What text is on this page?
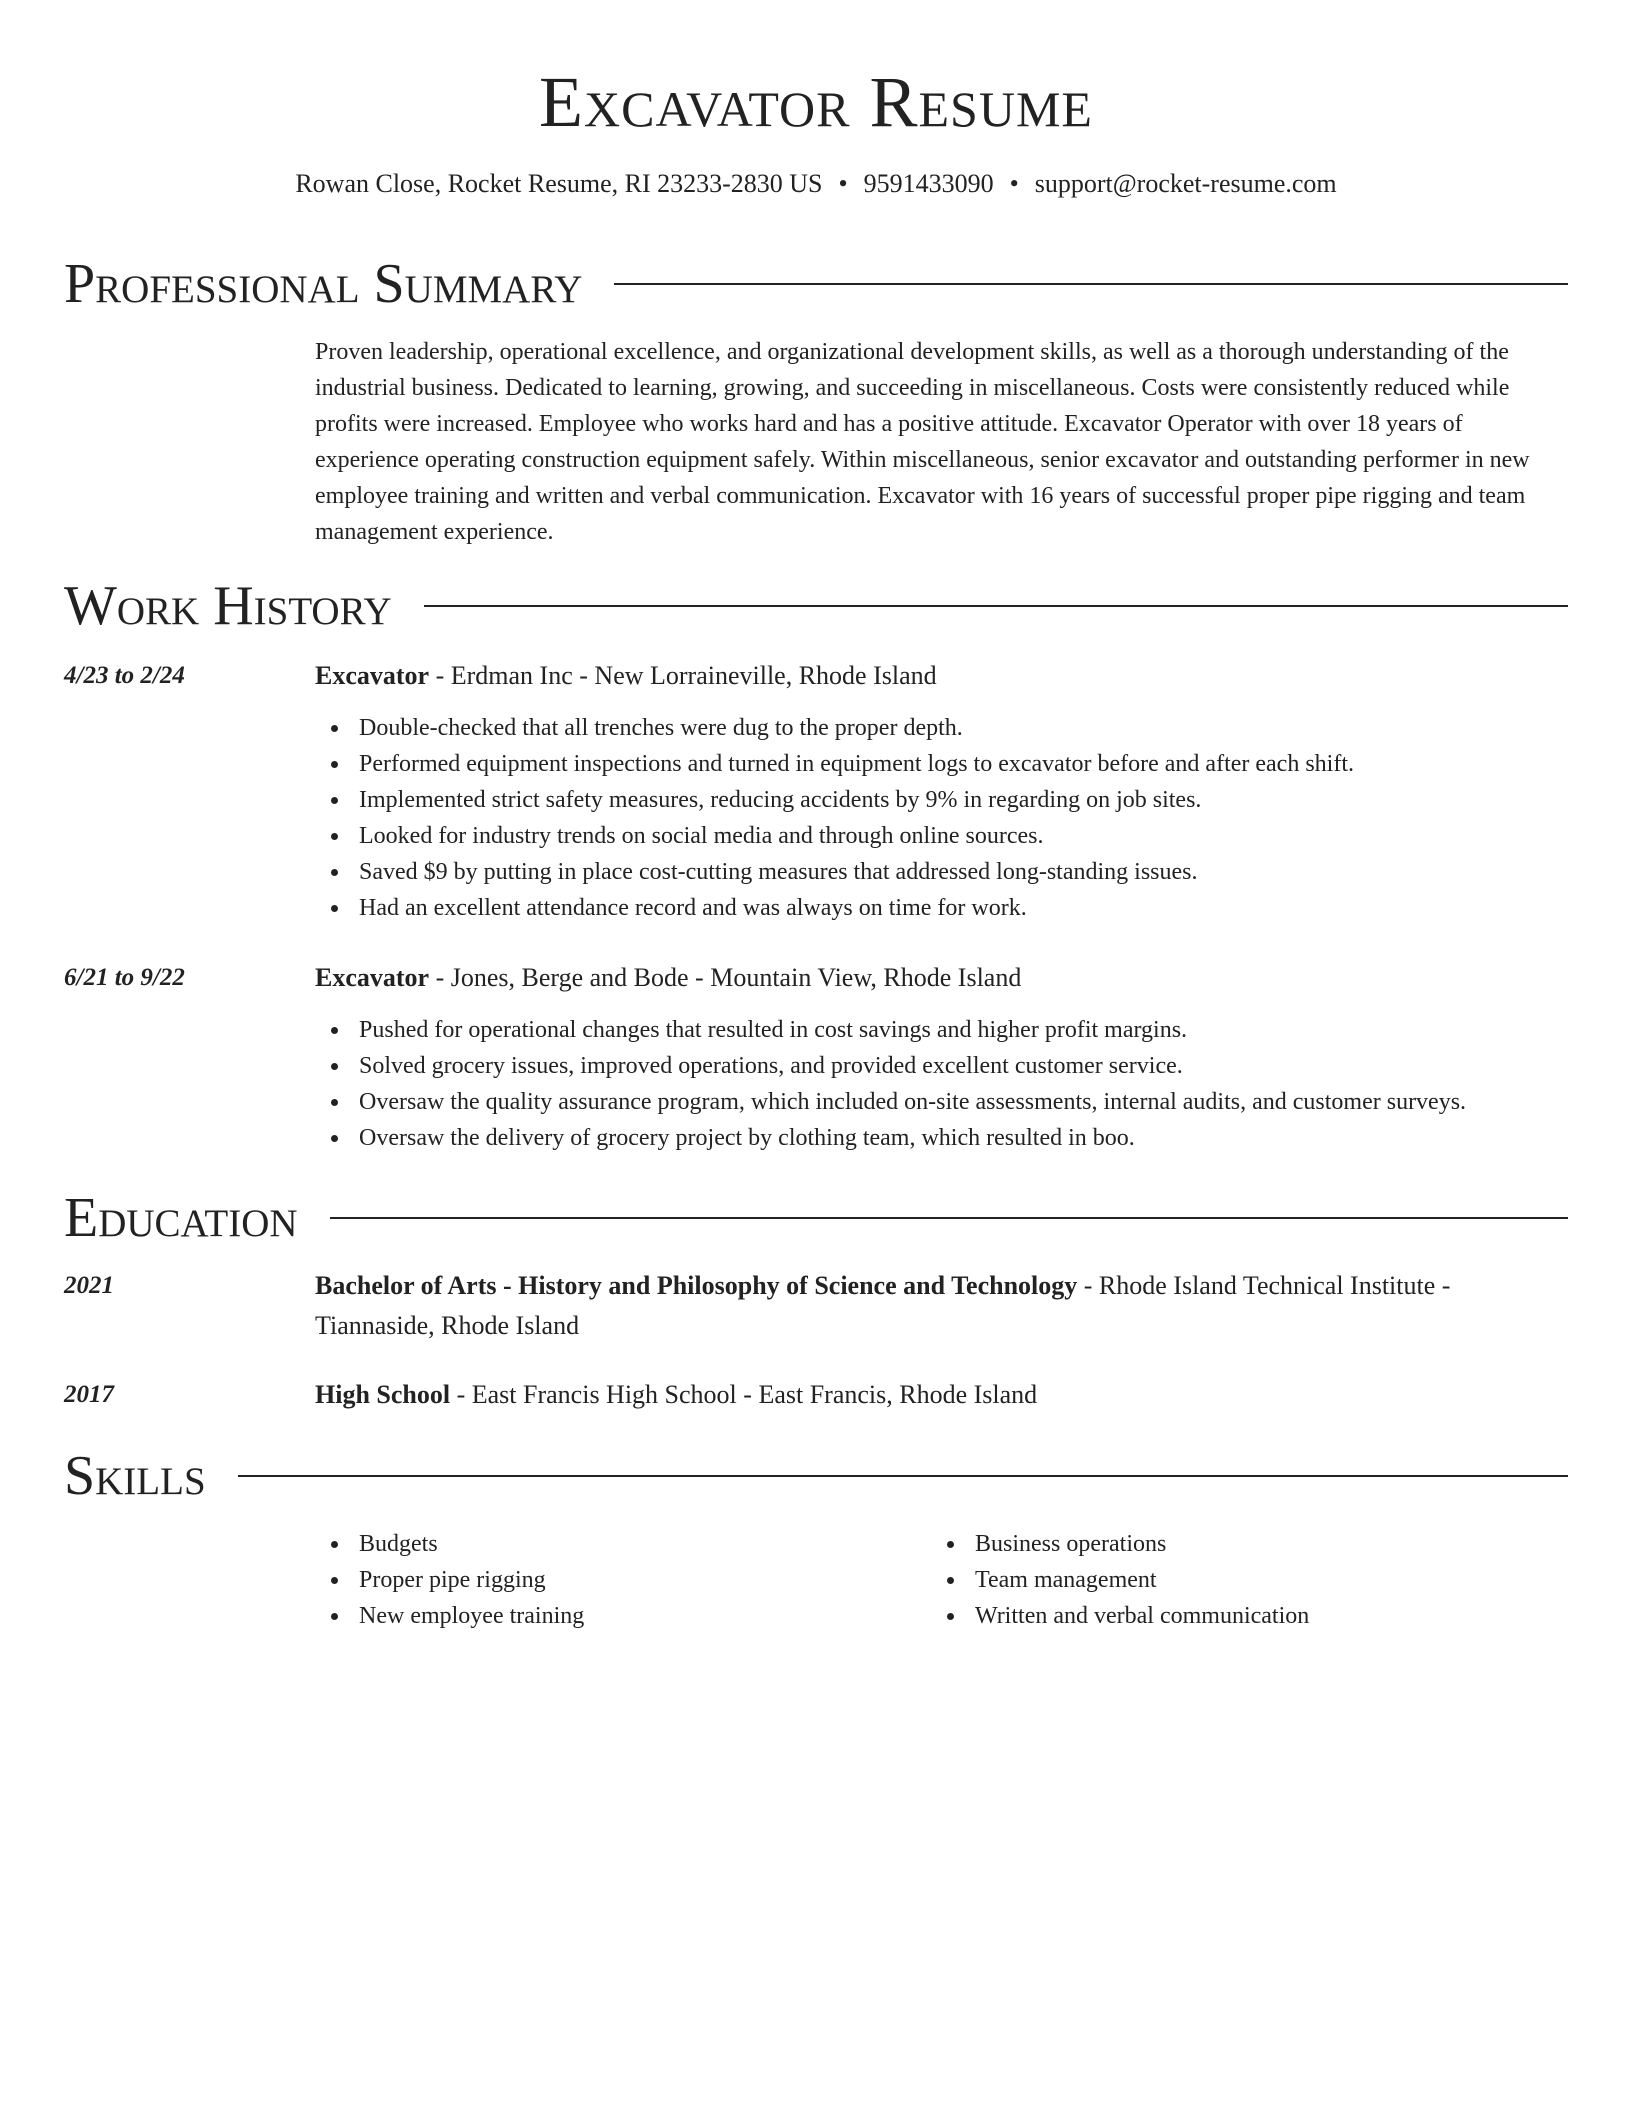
Excavator Resume
Rowan Close, Rocket Resume, RI 23233-2830 US • 9591433090 • support@rocket-resume.com
Professional Summary
Proven leadership, operational excellence, and organizational development skills, as well as a thorough understanding of the industrial business. Dedicated to learning, growing, and succeeding in miscellaneous. Costs were consistently reduced while profits were increased. Employee who works hard and has a positive attitude. Excavator Operator with over 18 years of experience operating construction equipment safely. Within miscellaneous, senior excavator and outstanding performer in new employee training and written and verbal communication. Excavator with 16 years of successful proper pipe rigging and team management experience.
Work History
4/23 to 2/24	Excavator - Erdman Inc - New Lorraineville, Rhode Island
Double-checked that all trenches were dug to the proper depth.
Performed equipment inspections and turned in equipment logs to excavator before and after each shift.
Implemented strict safety measures, reducing accidents by 9% in regarding on job sites.
Looked for industry trends on social media and through online sources.
Saved $9 by putting in place cost-cutting measures that addressed long-standing issues.
Had an excellent attendance record and was always on time for work.
6/21 to 9/22	Excavator - Jones, Berge and Bode - Mountain View, Rhode Island
Pushed for operational changes that resulted in cost savings and higher profit margins.
Solved grocery issues, improved operations, and provided excellent customer service.
Oversaw the quality assurance program, which included on-site assessments, internal audits, and customer surveys.
Oversaw the delivery of grocery project by clothing team, which resulted in boo.
Education
2021	Bachelor of Arts - History and Philosophy of Science and Technology - Rhode Island Technical Institute - Tiannaside, Rhode Island
2017	High School - East Francis High School - East Francis, Rhode Island
Skills
Budgets
Proper pipe rigging
New employee training
Business operations
Team management
Written and verbal communication
